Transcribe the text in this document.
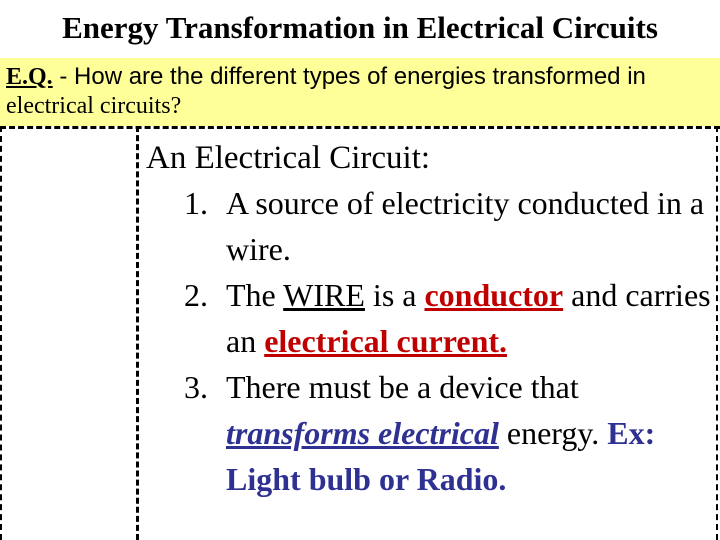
Energy Transformation in Electrical Circuits
E.Q. - How are the different types of energies transformed in
electrical circuits?
An Electrical Circuit:
1. A source of electricity conducted in a wire.
2. The WIRE is a conductor and carries an electrical current.
3. There must be a device that transforms electrical energy. Ex: Light bulb or Radio.
